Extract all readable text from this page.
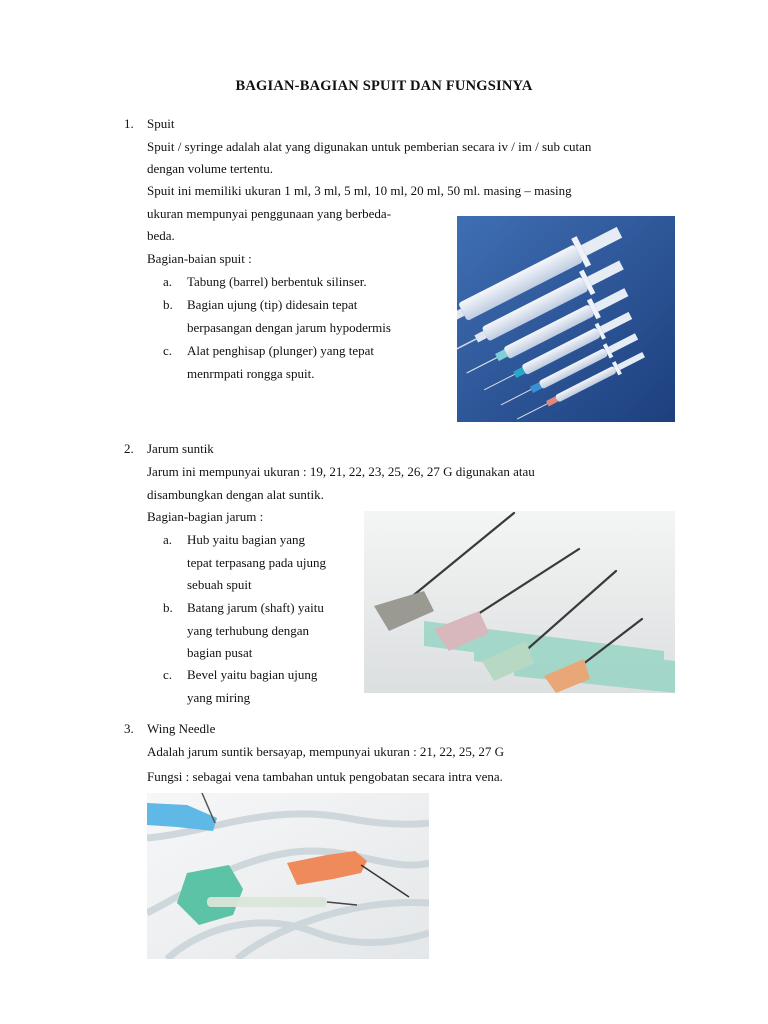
BAGIAN-BAGIAN SPUIT DAN FUNGSINYA
1. Spuit
Spuit / syringe adalah alat yang digunakan untuk pemberian secara iv / im / sub cutan
dengan volume tertentu.
Spuit ini memiliki ukuran 1 ml, 3 ml, 5 ml, 10 ml, 20 ml, 50 ml. masing – masing
ukuran mempunyai penggunaan yang berbeda-
beda.
Bagian-baian spuit :
a. Tabung (barrel) berbentuk silinser.
b. Bagian ujung (tip) didesain tepat
berpasangan dengan jarum hypodermis
c. Alat penghisap (plunger) yang tepat
menrmpati rongga spuit.
2. Jarum suntik
Jarum ini mempunyai ukuran : 19, 21, 22, 23, 25, 26, 27 G digunakan atau
disambungkan dengan alat suntik.
Bagian-bagian jarum :
a. Hub yaitu bagian yang
tepat terpasang pada ujung
sebuah spuit
b. Batang jarum (shaft) yaitu
yang terhubung dengan
bagian pusat
c. Bevel yaitu bagian ujung
yang miring
3. Wing Needle
Adalah jarum suntik bersayap, mempunyai ukuran : 21, 22, 25, 27 G
Fungsi : sebagai vena tambahan untuk pengobatan secara intra vena.
